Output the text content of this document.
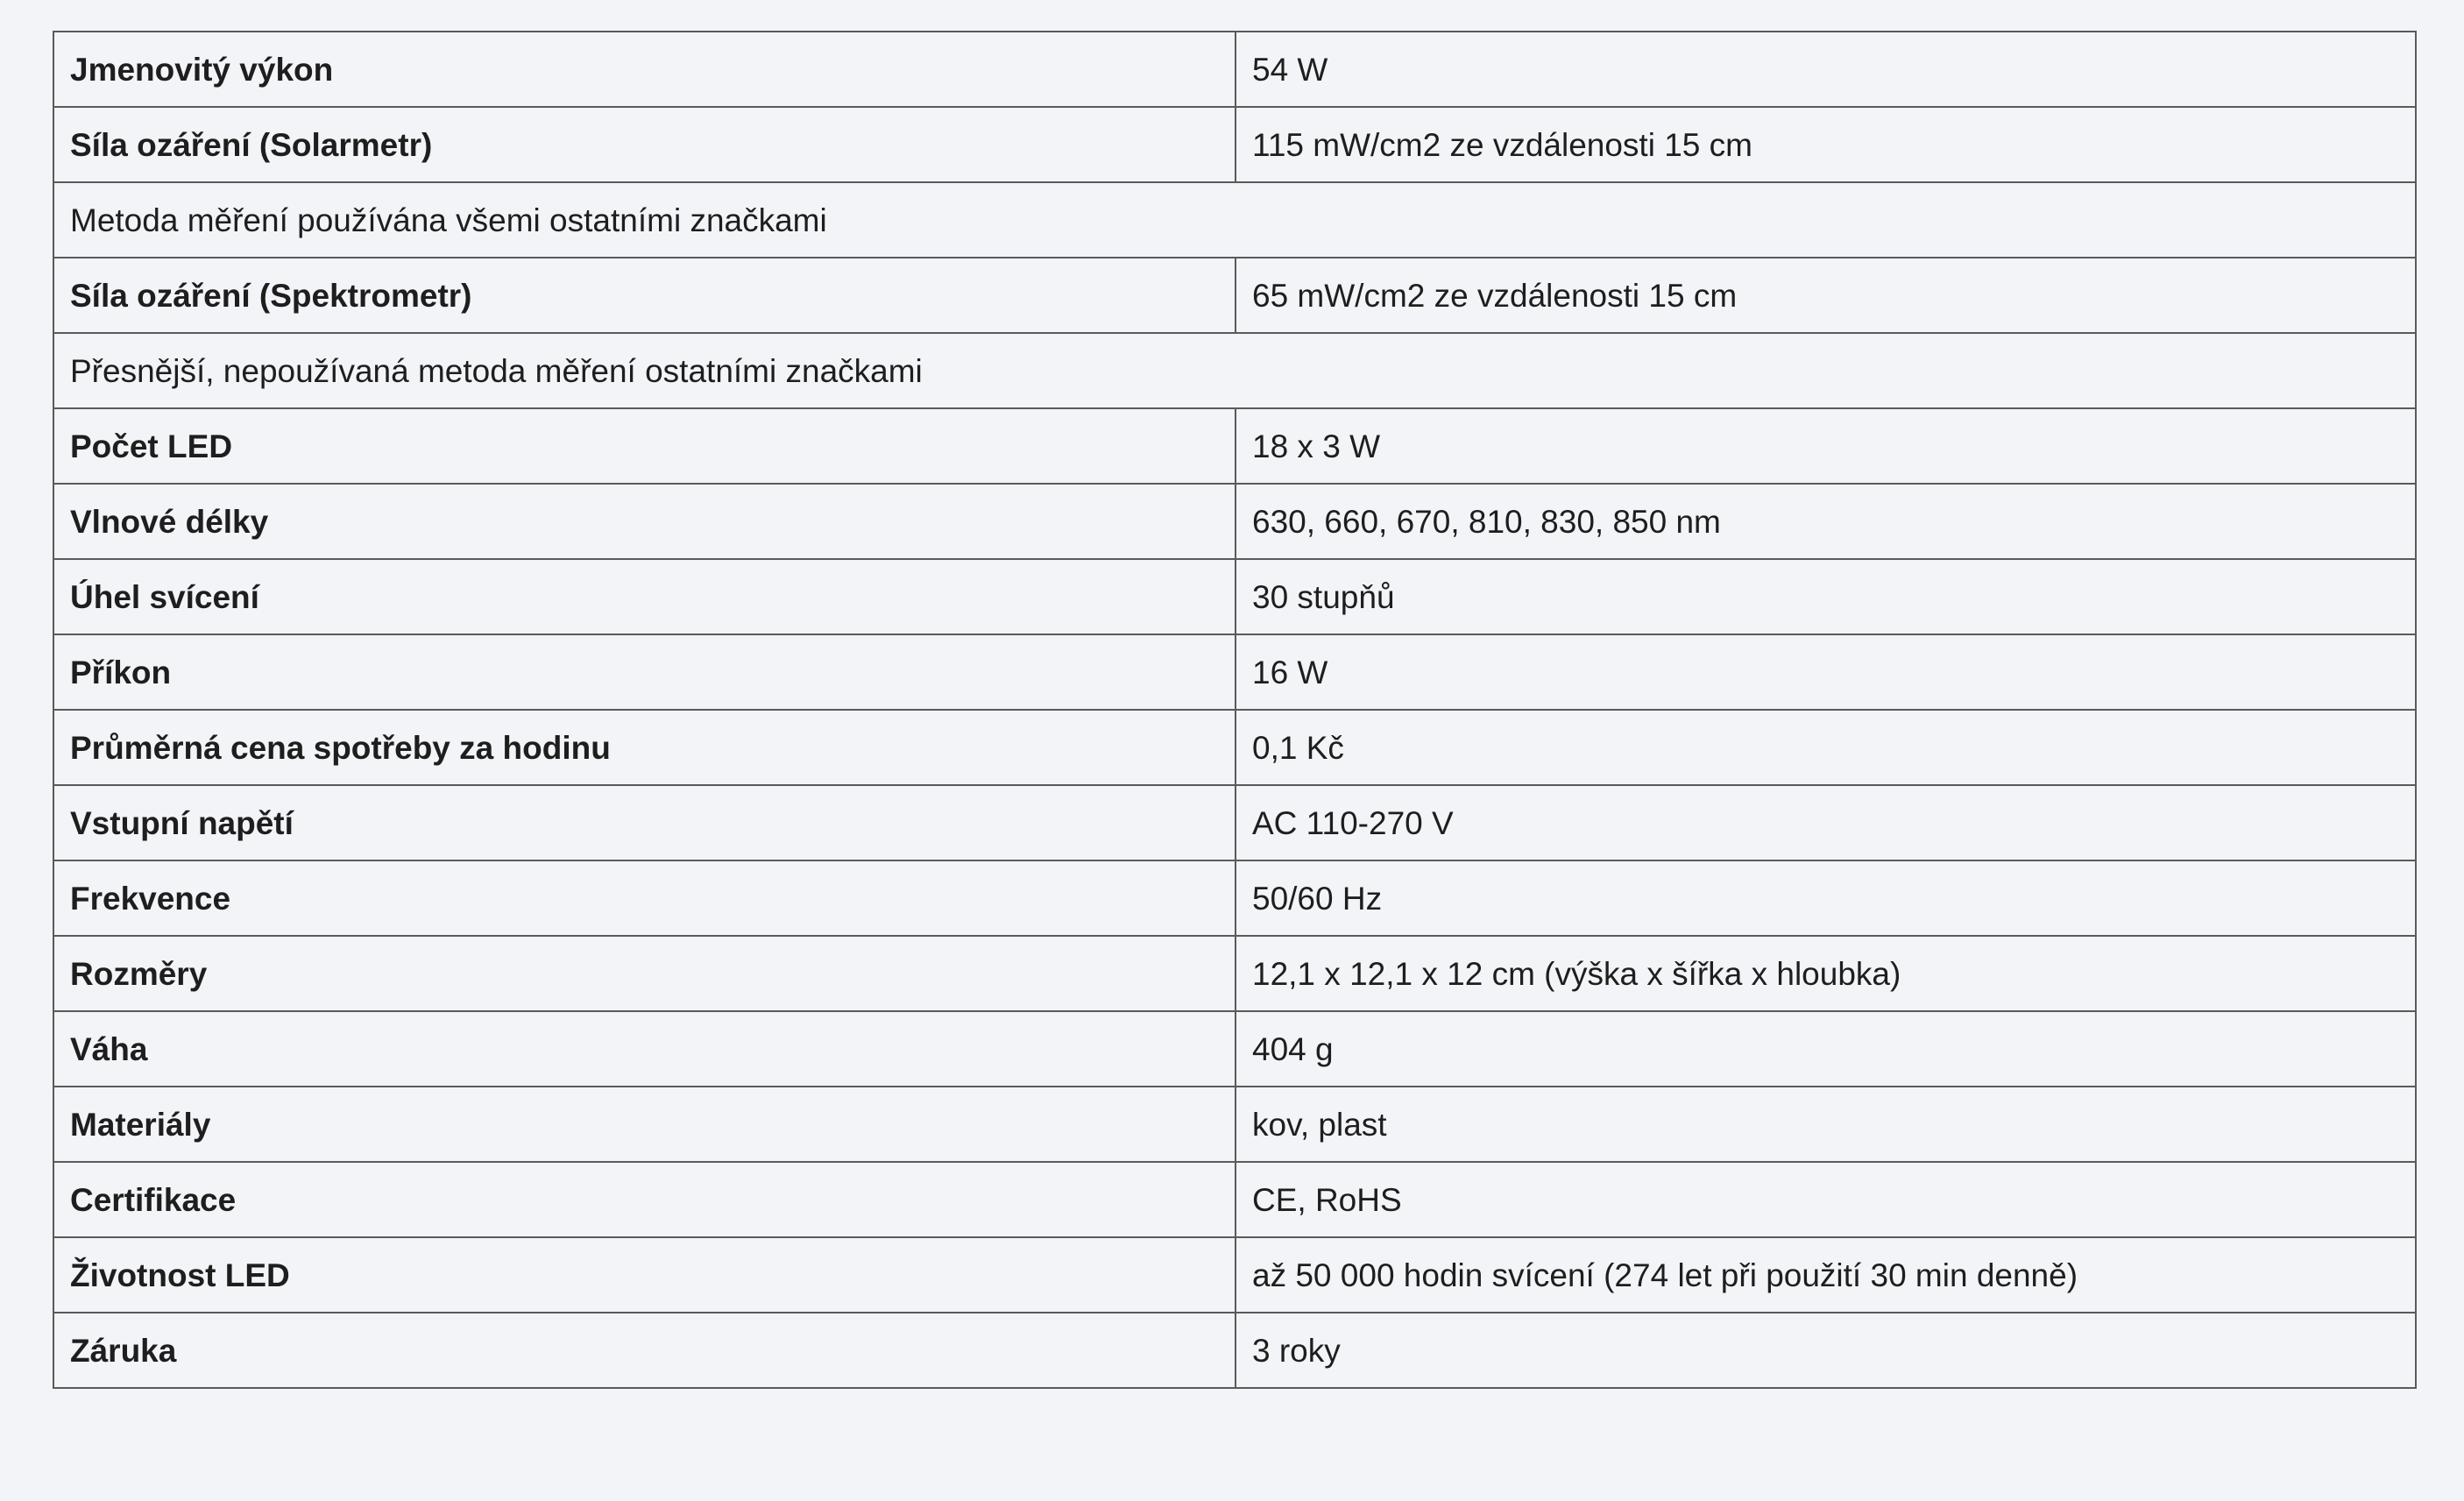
Jmenovitý výkon	54 W
Síla ozáření (Solarmetr)	115 mW/cm2 ze vzdálenosti 15 cm
Metoda měření používána všemi ostatními značkami	
Síla ozáření (Spektrometr)	65 mW/cm2 ze vzdálenosti 15 cm
Přesnější, nepoužívaná metoda měření ostatními značkami	
Počet LED	18 x 3 W
Vlnové délky	630, 660, 670, 810, 830, 850 nm
Úhel svícení	30 stupňů
Příkon	16 W
Průměrná cena spotřeby za hodinu	0,1 Kč
Vstupní napětí	AC 110-270 V
Frekvence	50/60 Hz
Rozměry	12,1 x 12,1 x 12 cm (výška x šířka x hloubka)
Váha	404 g
Materiály	kov, plast
Certifikace	CE, RoHS
Životnost LED	až 50 000 hodin svícení (274 let při použití 30 min denně)
Záruka	3 roky
